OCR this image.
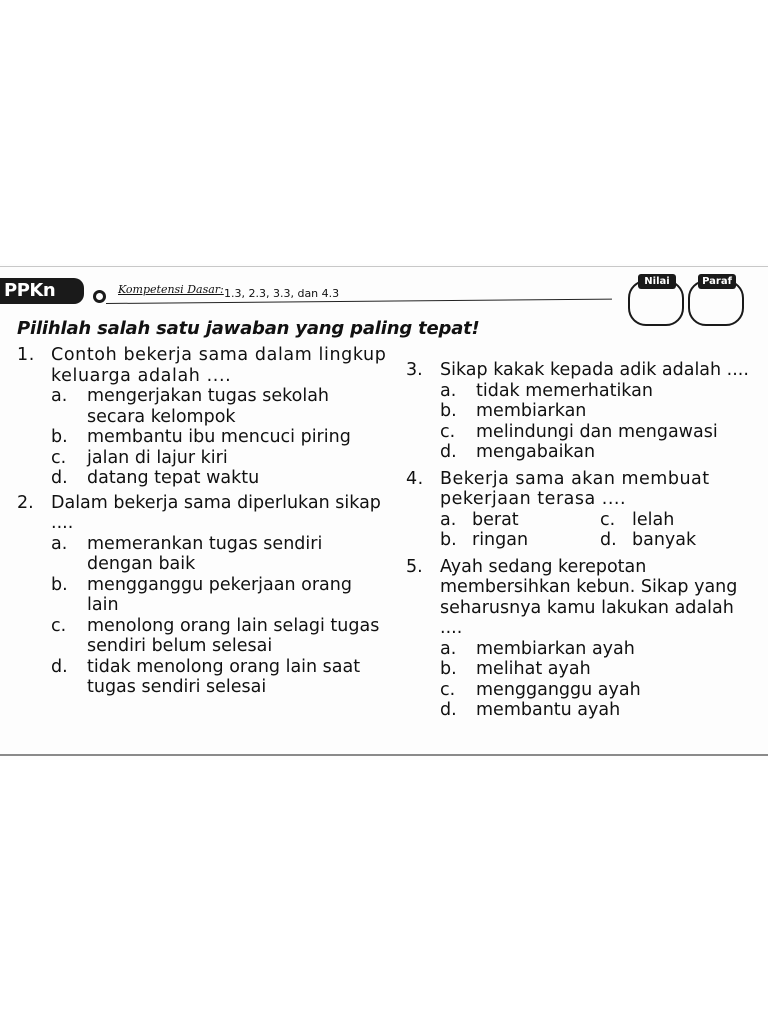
PPKn	Kompetensi Dasar: 1.3, 2.3, 3.3, dan 4.3
Nilai	Paraf
Pilihlah salah satu jawaban yang paling tepat!
1. Contoh bekerja sama dalam lingkup keluarga adalah ....
a. mengerjakan tugas sekolah secara kelompok
b. membantu ibu mencuci piring
c. jalan di lajur kiri
d. datang tepat waktu
2. Dalam bekerja sama diperlukan sikap ....
a. memerankan tugas sendiri dengan baik
b. mengganggu pekerjaan orang lain
c. menolong orang lain selagi tugas sendiri belum selesai
d. tidak menolong orang lain saat tugas sendiri selesai
3. Sikap kakak kepada adik adalah ....
a. tidak memerhatikan
b. membiarkan
c. melindungi dan mengawasi
d. mengabaikan
4. Bekerja sama akan membuat pekerjaan terasa ....
a. berat	c. lelah
b. ringan	d. banyak
5. Ayah sedang kerepotan membersihkan kebun. Sikap yang seharusnya kamu lakukan adalah ....
a. membiarkan ayah
b. melihat ayah
c. mengganggu ayah
d. membantu ayah
